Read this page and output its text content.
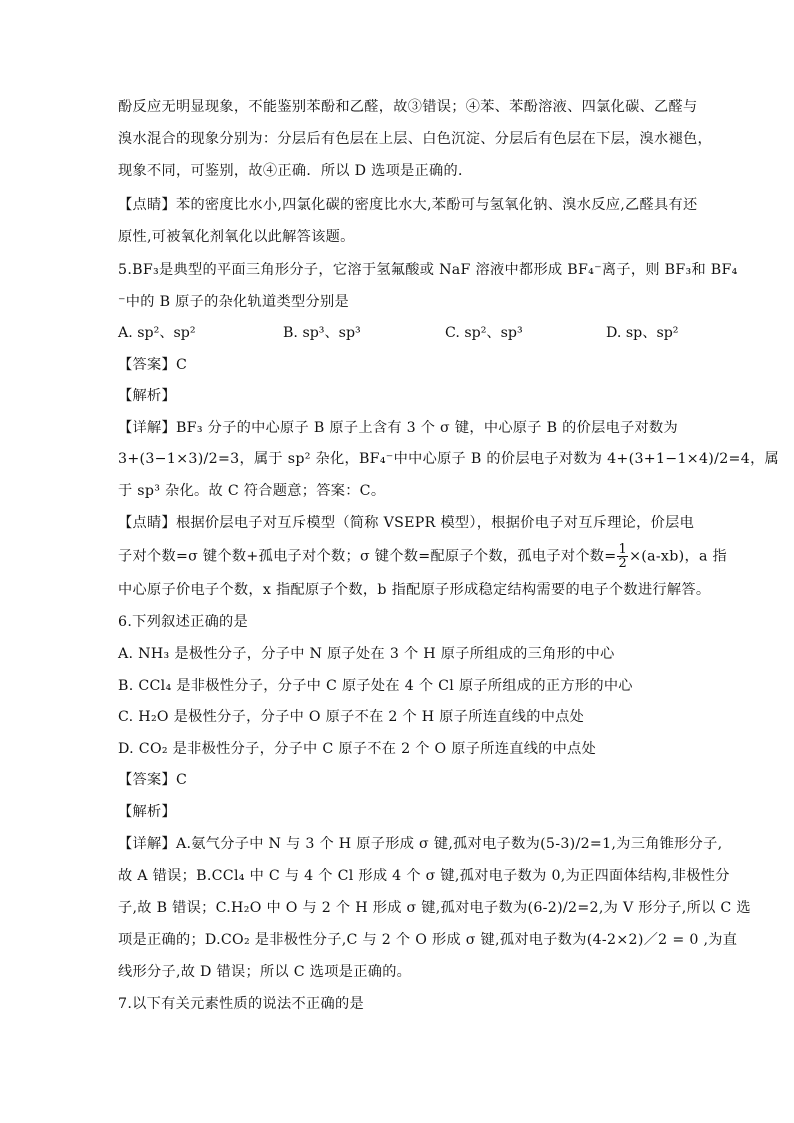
酚反应无明显现象，不能鉴别苯酚和乙醛，故③错误；④苯、苯酚溶液、四氯化碳、乙醛与
溴水混合的现象分别为：分层后有色层在上层、白色沉淀、分层后有色层在下层，溴水褪色，
现象不同，可鉴别，故④正确．所以 D 选项是正确的．
【点睛】苯的密度比水小,四氯化碳的密度比水大,苯酚可与氢氧化钠、溴水反应,乙醛具有还
原性,可被氧化剂氧化以此解答该题。
5.BF₃是典型的平面三角形分子，它溶于氢氟酸或 NaF 溶液中都形成 BF₄⁻离子，则 BF₃和 BF₄
⁻中的 B 原子的杂化轨道类型分别是
A. sp²、sp²	B. sp³、sp³	C. sp²、sp³	D. sp、sp²
【答案】C
【解析】
【详解】BF₃ 分子的中心原子 B 原子上含有 3 个 σ 键，中心原子 B 的价层电子对数为
3+(3−1×3)/2=3，属于 sp² 杂化，BF₄⁻中中心原子 B 的价层电子对数为 4+(3+1−1×4)/2=4，属
于 sp³ 杂化。故 C 符合题意；答案：C。
【点睛】根据价层电子对互斥模型（简称 VSEPR 模型），根据价电子对互斥理论，价层电
子对个数=σ 键个数+孤电子对个数；σ 键个数=配原子个数，孤电子对个数= $\frac{1}{2} \times(a-xb)$，a 指
中心原子价电子个数，x 指配原子个数，b 指配原子形成稳定结构需要的电子个数进行解答。
6.下列叙述正确的是
A. NH₃ 是极性分子，分子中 N 原子处在 3 个 H 原子所组成的三角形的中心
B. CCl₄ 是非极性分子，分子中 C 原子处在 4 个 Cl 原子所组成的正方形的中心
C. H₂O 是极性分子，分子中 O 原子不在 2 个 H 原子所连直线的中点处
D. CO₂ 是非极性分子，分子中 C 原子不在 2 个 O 原子所连直线的中点处
【答案】C
【解析】
【详解】A.氨气分子中 N 与 3 个 H 原子形成 σ 键,孤对电子数为(5-3)/2=1,为三角锥形分子,
故 A 错误；B.CCl₄ 中 C 与 4 个 Cl 形成 4 个 σ 键,孤对电子数为 0,为正四面体结构,非极性分
子,故 B 错误；C.H₂O 中 O 与 2 个 H 形成 σ 键,孤对电子数为(6-2)/2=2,为 V 形分子,所以 C 选
项是正确的；D.CO₂ 是非极性分子,C 与 2 个 O 形成 σ 键,孤对电子数为(4-2×2)／2 = 0 ,为直
线形分子,故 D 错误；所以 C 选项是正确的。
7.以下有关元素性质的说法不正确的是
